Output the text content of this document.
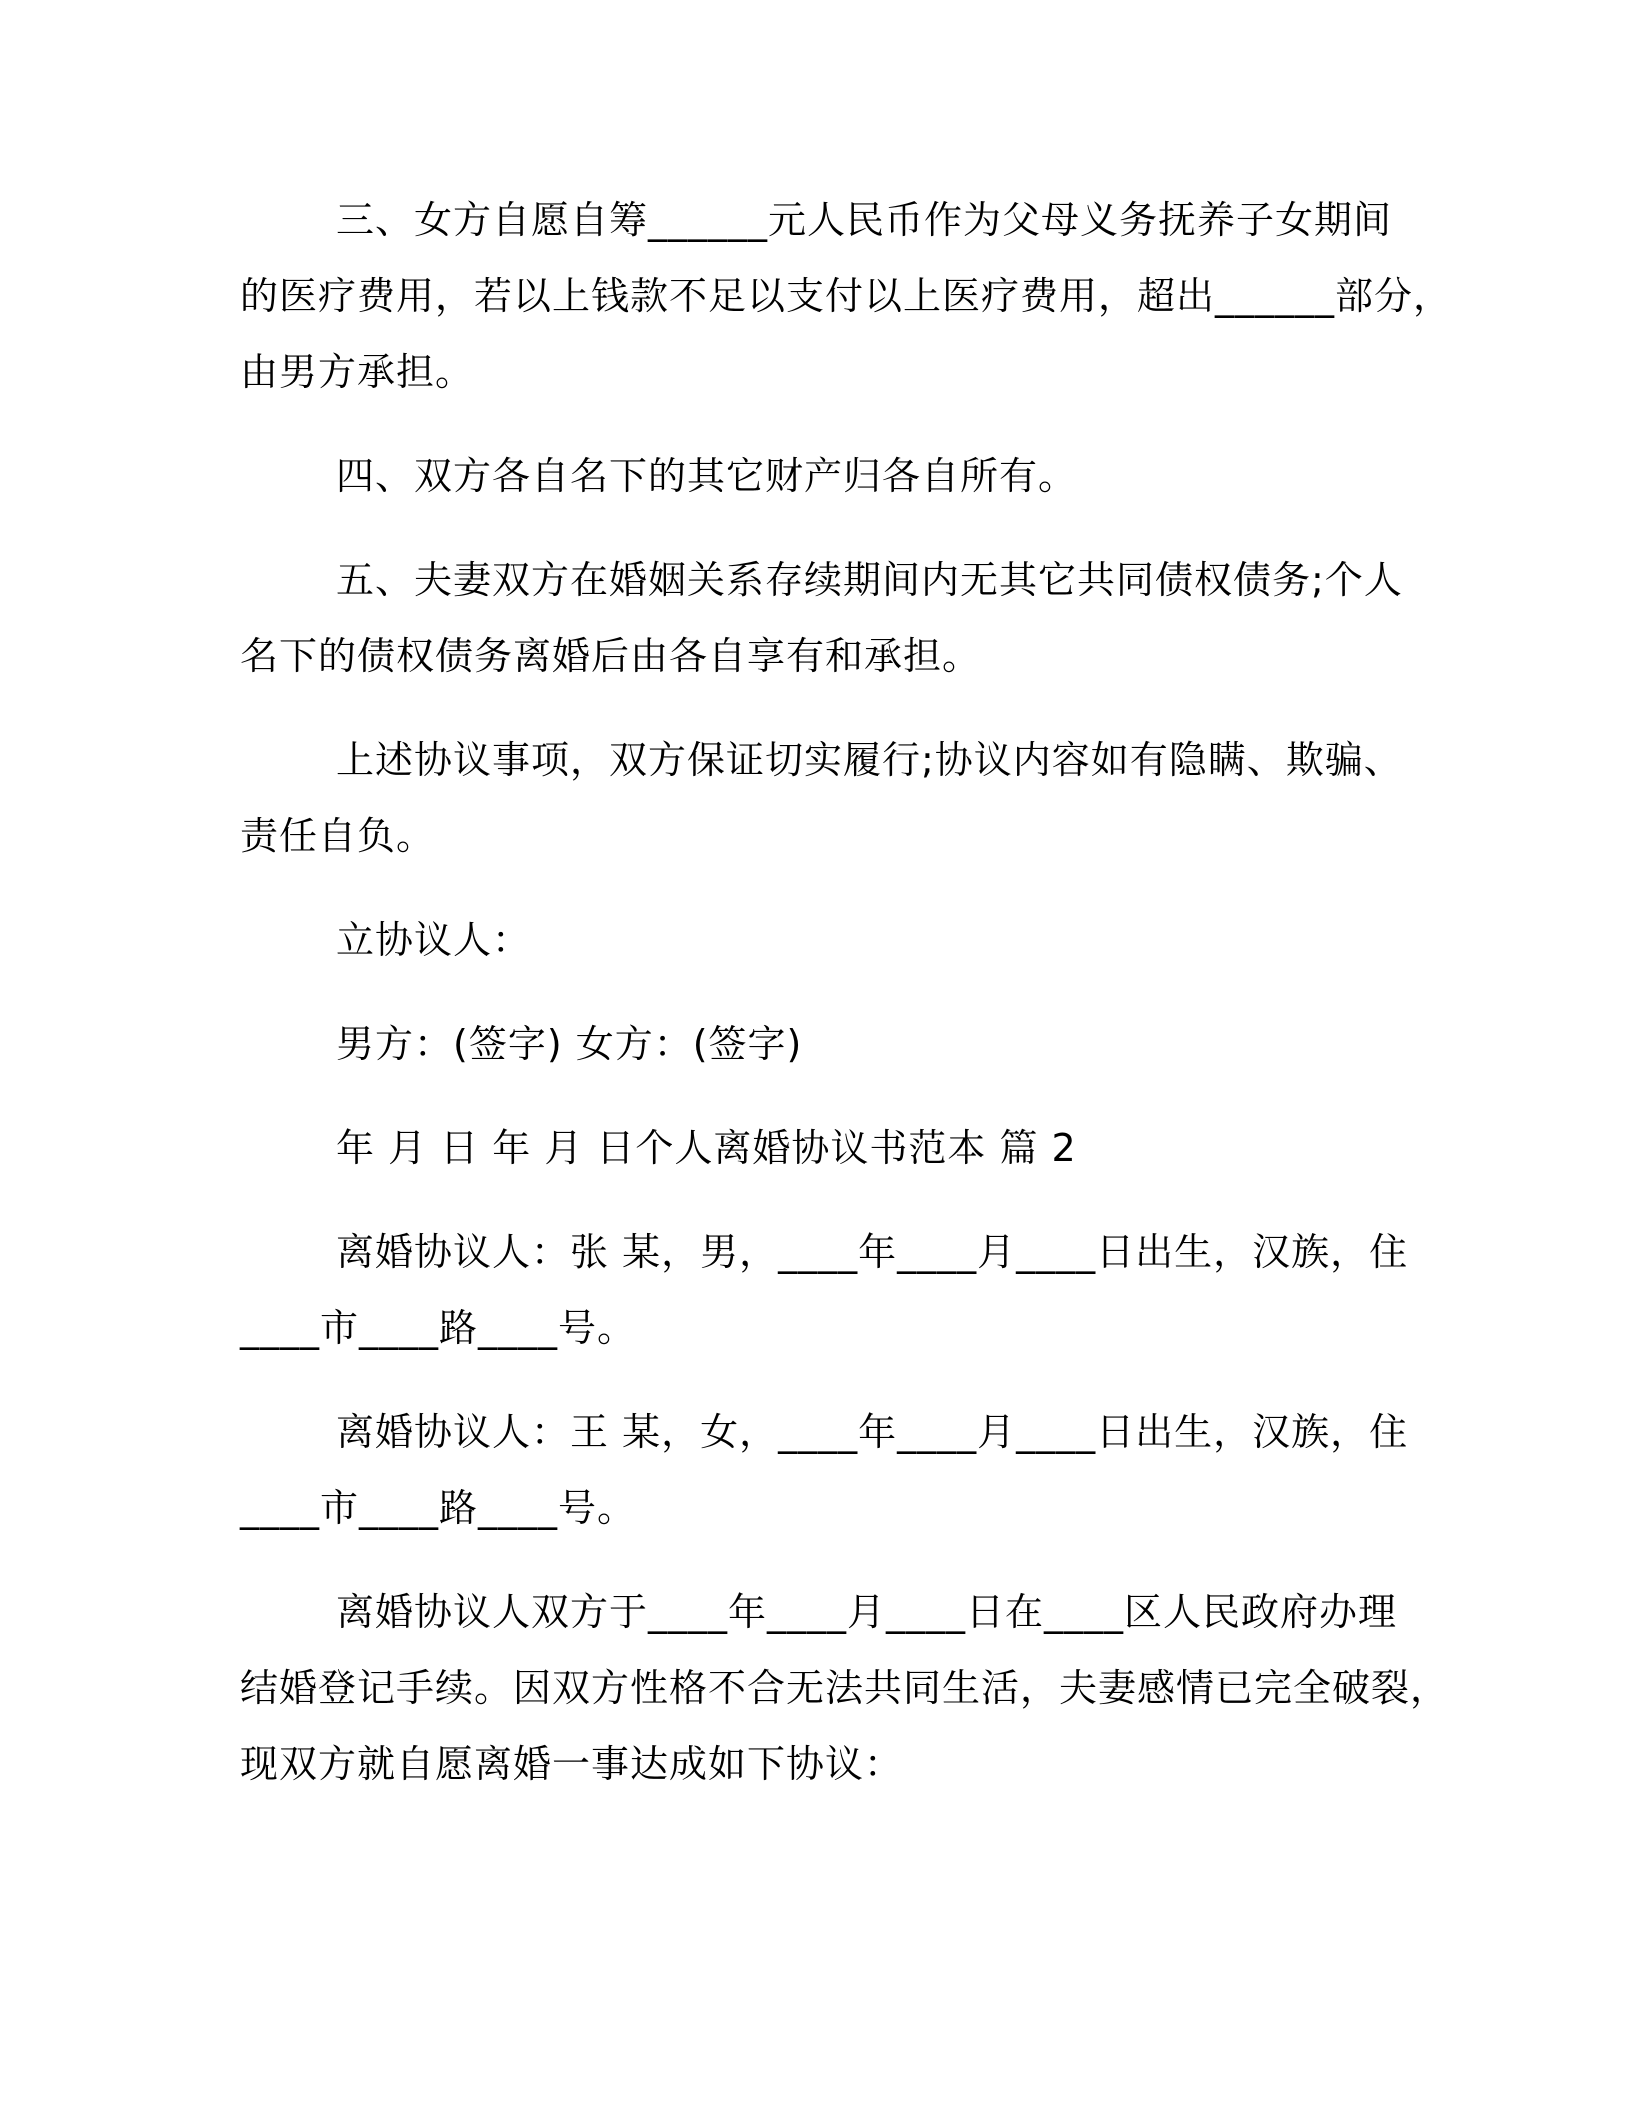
三、女方自愿自筹______元人民币作为父母义务抚养子女期间
的医疗费用，若以上钱款不足以支付以上医疗费用，超出______部分，
由男方承担。
四、双方各自名下的其它财产归各自所有。
五、夫妻双方在婚姻关系存续期间内无其它共同债权债务;个人
名下的债权债务离婚后由各自享有和承担。
上述协议事项，双方保证切实履行;协议内容如有隐瞒、欺骗、
责任自负。
立协议人：
男方：(签字) 女方：(签字)
年 月 日 年 月 日个人离婚协议书范本 篇 2
离婚协议人：张 某，男，____年____月____日出生，汉族，住
____市____路____号。
离婚协议人：王 某，女，____年____月____日出生，汉族，住
____市____路____号。
离婚协议人双方于____年____月____日在____区人民政府办理
结婚登记手续。因双方性格不合无法共同生活，夫妻感情已完全破裂，
现双方就自愿离婚一事达成如下协议：
